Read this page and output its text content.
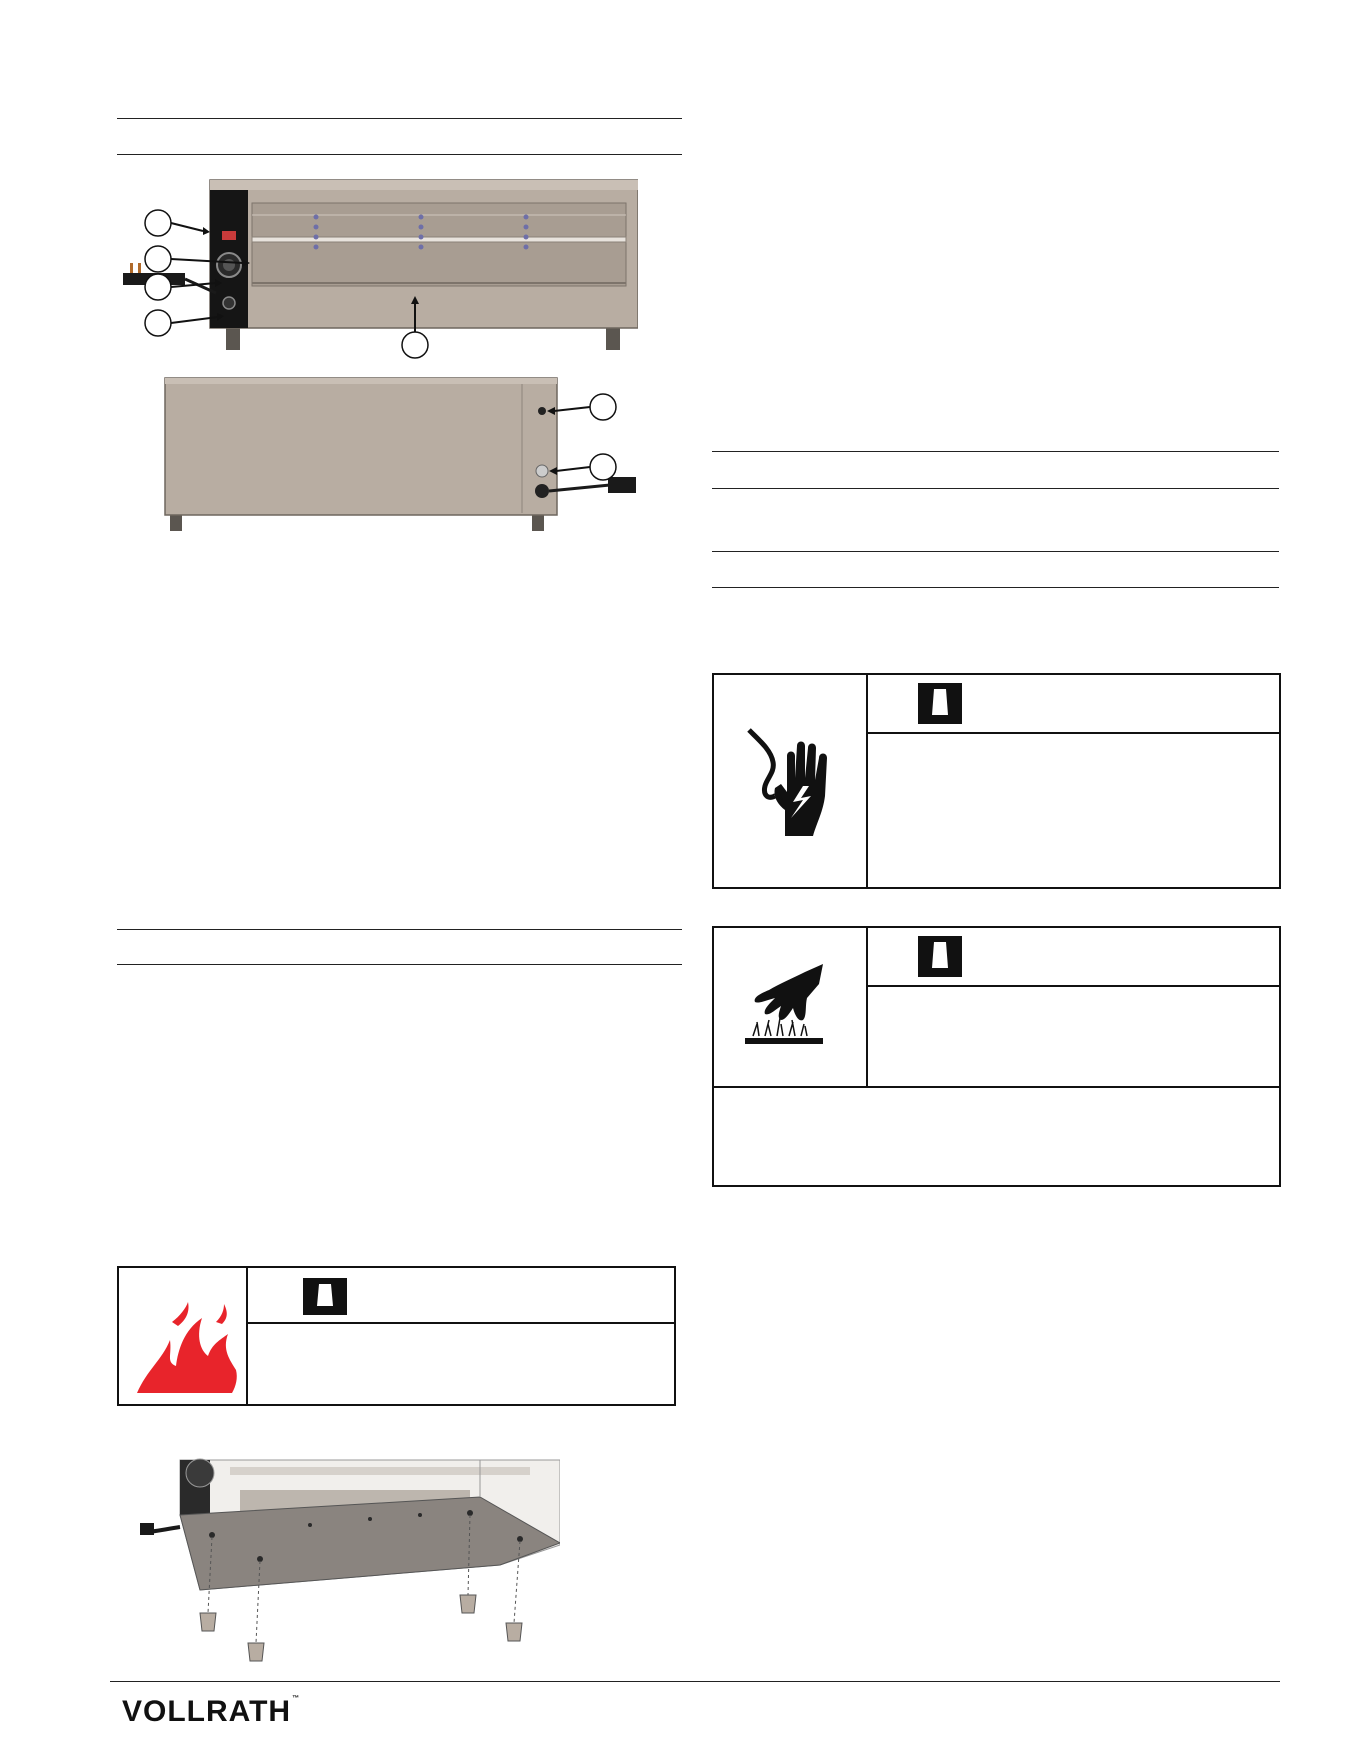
VOLLRATH™
